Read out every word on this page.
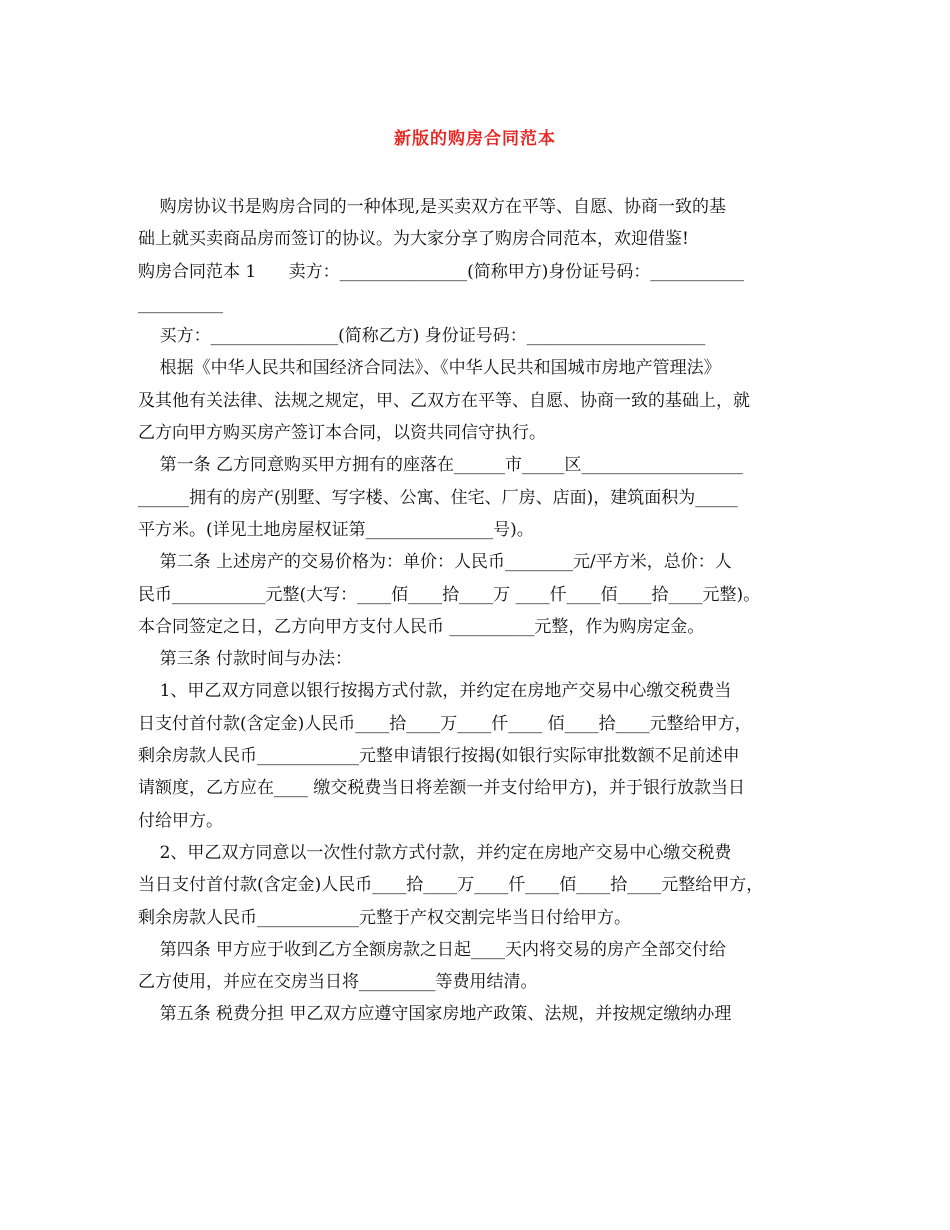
新版的购房合同范本
购房协议书是购房合同的一种体现,是买卖双方在平等、自愿、协商一致的基
础上就买卖商品房而签订的协议。为大家分享了购房合同范本，欢迎借鉴!
购房合同范本 1      卖方：_______________(简称甲方)身份证号码：___________
__________
买方：_______________(简称乙方) 身份证号码：_____________________
根据《中华人民共和国经济合同法》、《中华人民共和国城市房地产管理法》
及其他有关法律、法规之规定，甲、乙双方在平等、自愿、协商一致的基础上，就
乙方向甲方购买房产签订本合同，以资共同信守执行。
第一条 乙方同意购买甲方拥有的座落在______市_____区___________________
______拥有的房产(别墅、写字楼、公寓、住宅、厂房、店面)，建筑面积为_____
平方米。(详见土地房屋权证第_______________号)。
第二条 上述房产的交易价格为：单价：人民币________元/平方米，总价：人
民币___________元整(大写：____佰____拾____万 ____仟____佰____拾____元整)。
本合同签定之日，乙方向甲方支付人民币 __________元整，作为购房定金。
第三条 付款时间与办法：
1、甲乙双方同意以银行按揭方式付款，并约定在房地产交易中心缴交税费当
日支付首付款(含定金)人民币____拾____万____仟____ 佰____拾____元整给甲方，
剩余房款人民币____________元整申请银行按揭(如银行实际审批数额不足前述申
请额度，乙方应在____ 缴交税费当日将差额一并支付给甲方)，并于银行放款当日
付给甲方。
2、甲乙双方同意以一次性付款方式付款，并约定在房地产交易中心缴交税费
当日支付首付款(含定金)人民币____拾____万____仟____佰____拾____元整给甲方，
剩余房款人民币____________元整于产权交割完毕当日付给甲方。
第四条 甲方应于收到乙方全额房款之日起____天内将交易的房产全部交付给
乙方使用，并应在交房当日将_________等费用结清。
第五条 税费分担 甲乙双方应遵守国家房地产政策、法规，并按规定缴纳办理
